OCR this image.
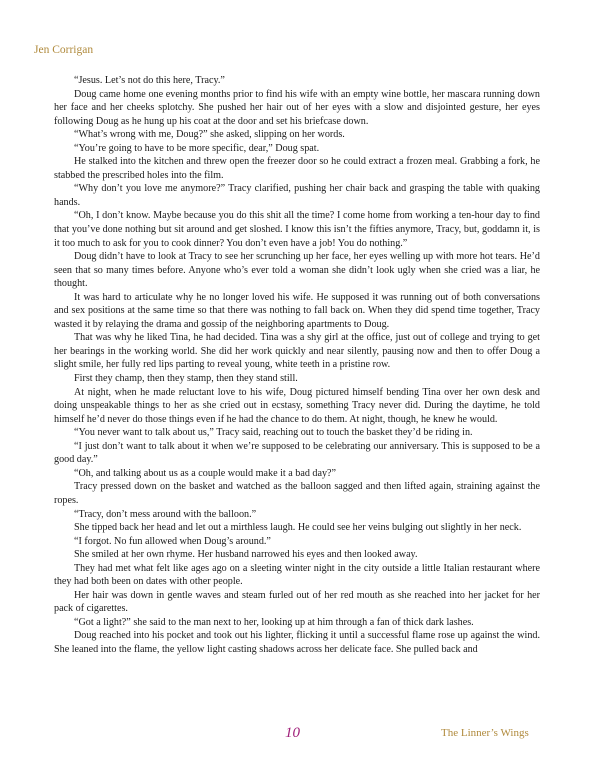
Jen Corrigan

“Jesus. Let’s not do this here, Tracy.”

Doug came home one evening months prior to find his wife with an empty wine bottle, her mascara running down her face and her cheeks splotchy. She pushed her hair out of her eyes with a slow and disjointed gesture, her eyes following Doug as he hung up his coat at the door and set his briefcase down.

“What’s wrong with me, Doug?” she asked, slipping on her words.

“You’re going to have to be more specific, dear,” Doug spat.

He stalked into the kitchen and threw open the freezer door so he could extract a frozen meal. Grabbing a fork, he stabbed the prescribed holes into the film.

“Why don’t you love me anymore?” Tracy clarified, pushing her chair back and grasping the table with quaking hands.

“Oh, I don’t know. Maybe because you do this shit all the time? I come home from working a ten-hour day to find that you’ve done nothing but sit around and get sloshed. I know this isn’t the fifties anymore, Tracy, but, goddamn it, is it too much to ask for you to cook dinner? You don’t even have a job! You do nothing.”

Doug didn’t have to look at Tracy to see her scrunching up her face, her eyes welling up with more hot tears. He’d seen that so many times before. Anyone who’s ever told a woman she didn’t look ugly when she cried was a liar, he thought.

It was hard to articulate why he no longer loved his wife. He supposed it was running out of both conversations and sex positions at the same time so that there was nothing to fall back on. When they did spend time together, Tracy wasted it by relaying the drama and gossip of the neighboring apartments to Doug.

That was why he liked Tina, he had decided. Tina was a shy girl at the office, just out of college and trying to get her bearings in the working world. She did her work quickly and near silently, pausing now and then to offer Doug a slight smile, her fully red lips parting to reveal young, white teeth in a pristine row.

First they champ, then they stamp, then they stand still.

At night, when he made reluctant love to his wife, Doug pictured himself bending Tina over her own desk and doing unspeakable things to her as she cried out in ecstasy, something Tracy never did. During the daytime, he told himself he’d never do those things even if he had the chance to do them. At night, though, he knew he would.

“You never want to talk about us,” Tracy said, reaching out to touch the basket they’d be riding in.

“I just don’t want to talk about it when we’re supposed to be celebrating our anniversary. This is supposed to be a good day.”

“Oh, and talking about us as a couple would make it a bad day?”

Tracy pressed down on the basket and watched as the balloon sagged and then lifted again, straining against the ropes.

“Tracy, don’t mess around with the balloon.”

She tipped back her head and let out a mirthless laugh. He could see her veins bulging out slightly in her neck.

“I forgot. No fun allowed when Doug’s around.”

She smiled at her own rhyme. Her husband narrowed his eyes and then looked away.

They had met what felt like ages ago on a sleeting winter night in the city outside a little Italian restaurant where they had both been on dates with other people.

Her hair was down in gentle waves and steam furled out of her red mouth as she reached into her jacket for her pack of cigarettes.

“Got a light?” she said to the man next to her, looking up at him through a fan of thick dark lashes.

Doug reached into his pocket and took out his lighter, flicking it until a successful flame rose up against the wind. She leaned into the flame, the yellow light casting shadows across her delicate face. She pulled back and

10	The Linner’s Wings
